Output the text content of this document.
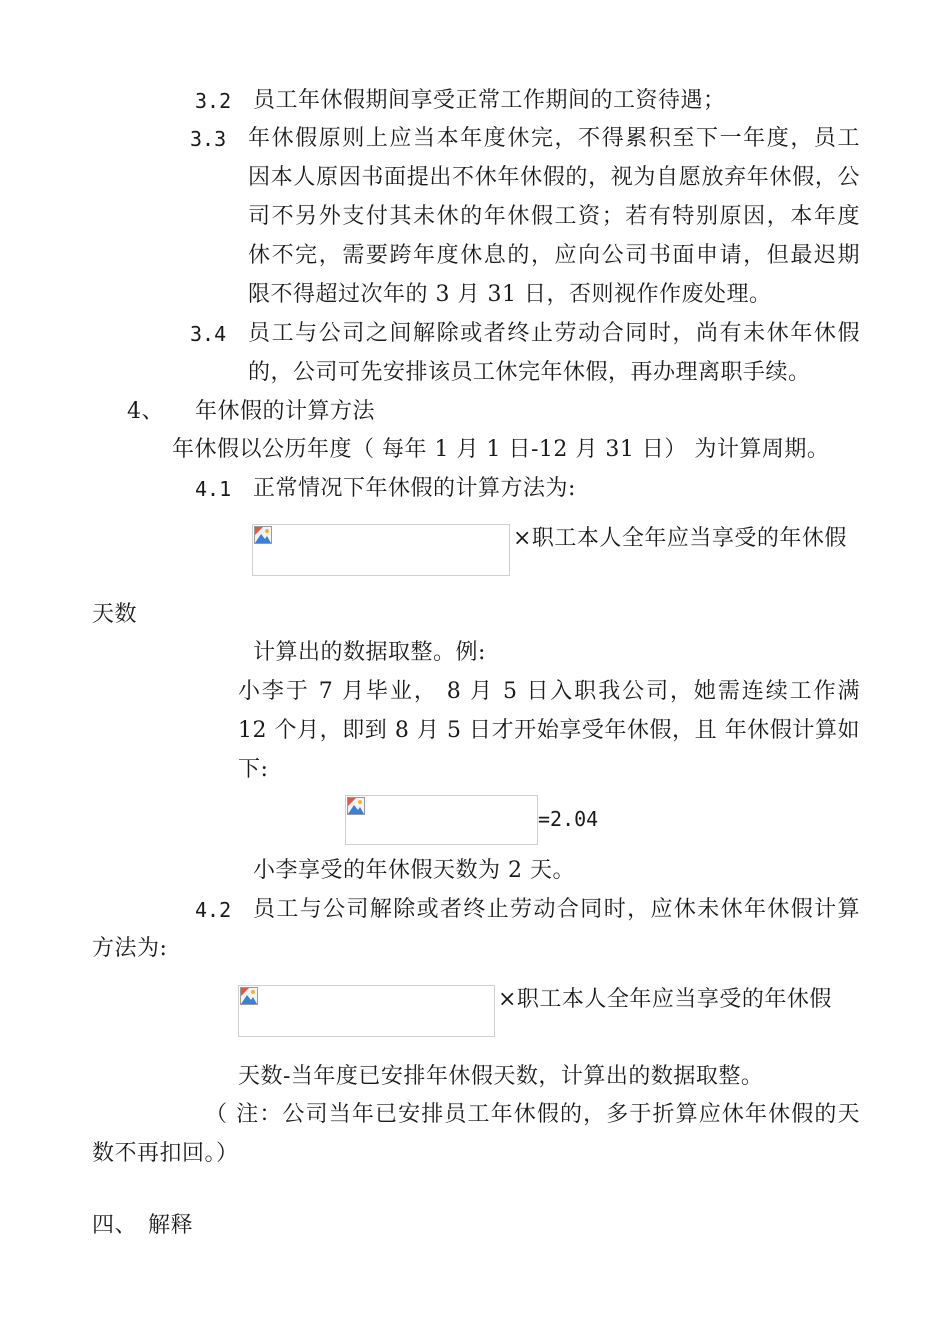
3.2 员工年休假期间享受正常工作期间的工资待遇；
3.3 年休假原则上应当本年度休完，不得累积至下一年度，员工
因本人原因书面提出不休年休假的，视为自愿放弃年休假，公
司不另外支付其未休的年休假工资；若有特别原因，本年度
休不完，需要跨年度休息的，应向公司书面申请，但最迟期
限不得超过次年的 3 月 31 日，否则视作作废处理。
3.4 员工与公司之间解除或者终止劳动合同时，尚有未休年休假
的，公司可先安排该员工休完年休假，再办理离职手续。
4、 年休假的计算方法
年休假以公历年度（ 每年 1 月 1 日-12 月 31 日） 为计算周期。
4.1 正常情况下年休假的计算方法为:
×职工本人全年应当享受的年休假
天数
计算出的数据取整。例:
小李于 7 月毕业， 8 月 5 日入职我公司，她需连续工作满
12 个月，即到 8 月 5 日才开始享受年休假，且 年休假计算如
下:
=2.04
小李享受的年休假天数为 2 天。
4.2 员工与公司解除或者终止劳动合同时，应休未休年休假计算
方法为:
×职工本人全年应当享受的年休假
天数-当年度已安排年休假天数，计算出的数据取整。
（ 注：公司当年已安排员工年休假的，多于折算应休年休假的天
数不再扣回。）
四、 解释
